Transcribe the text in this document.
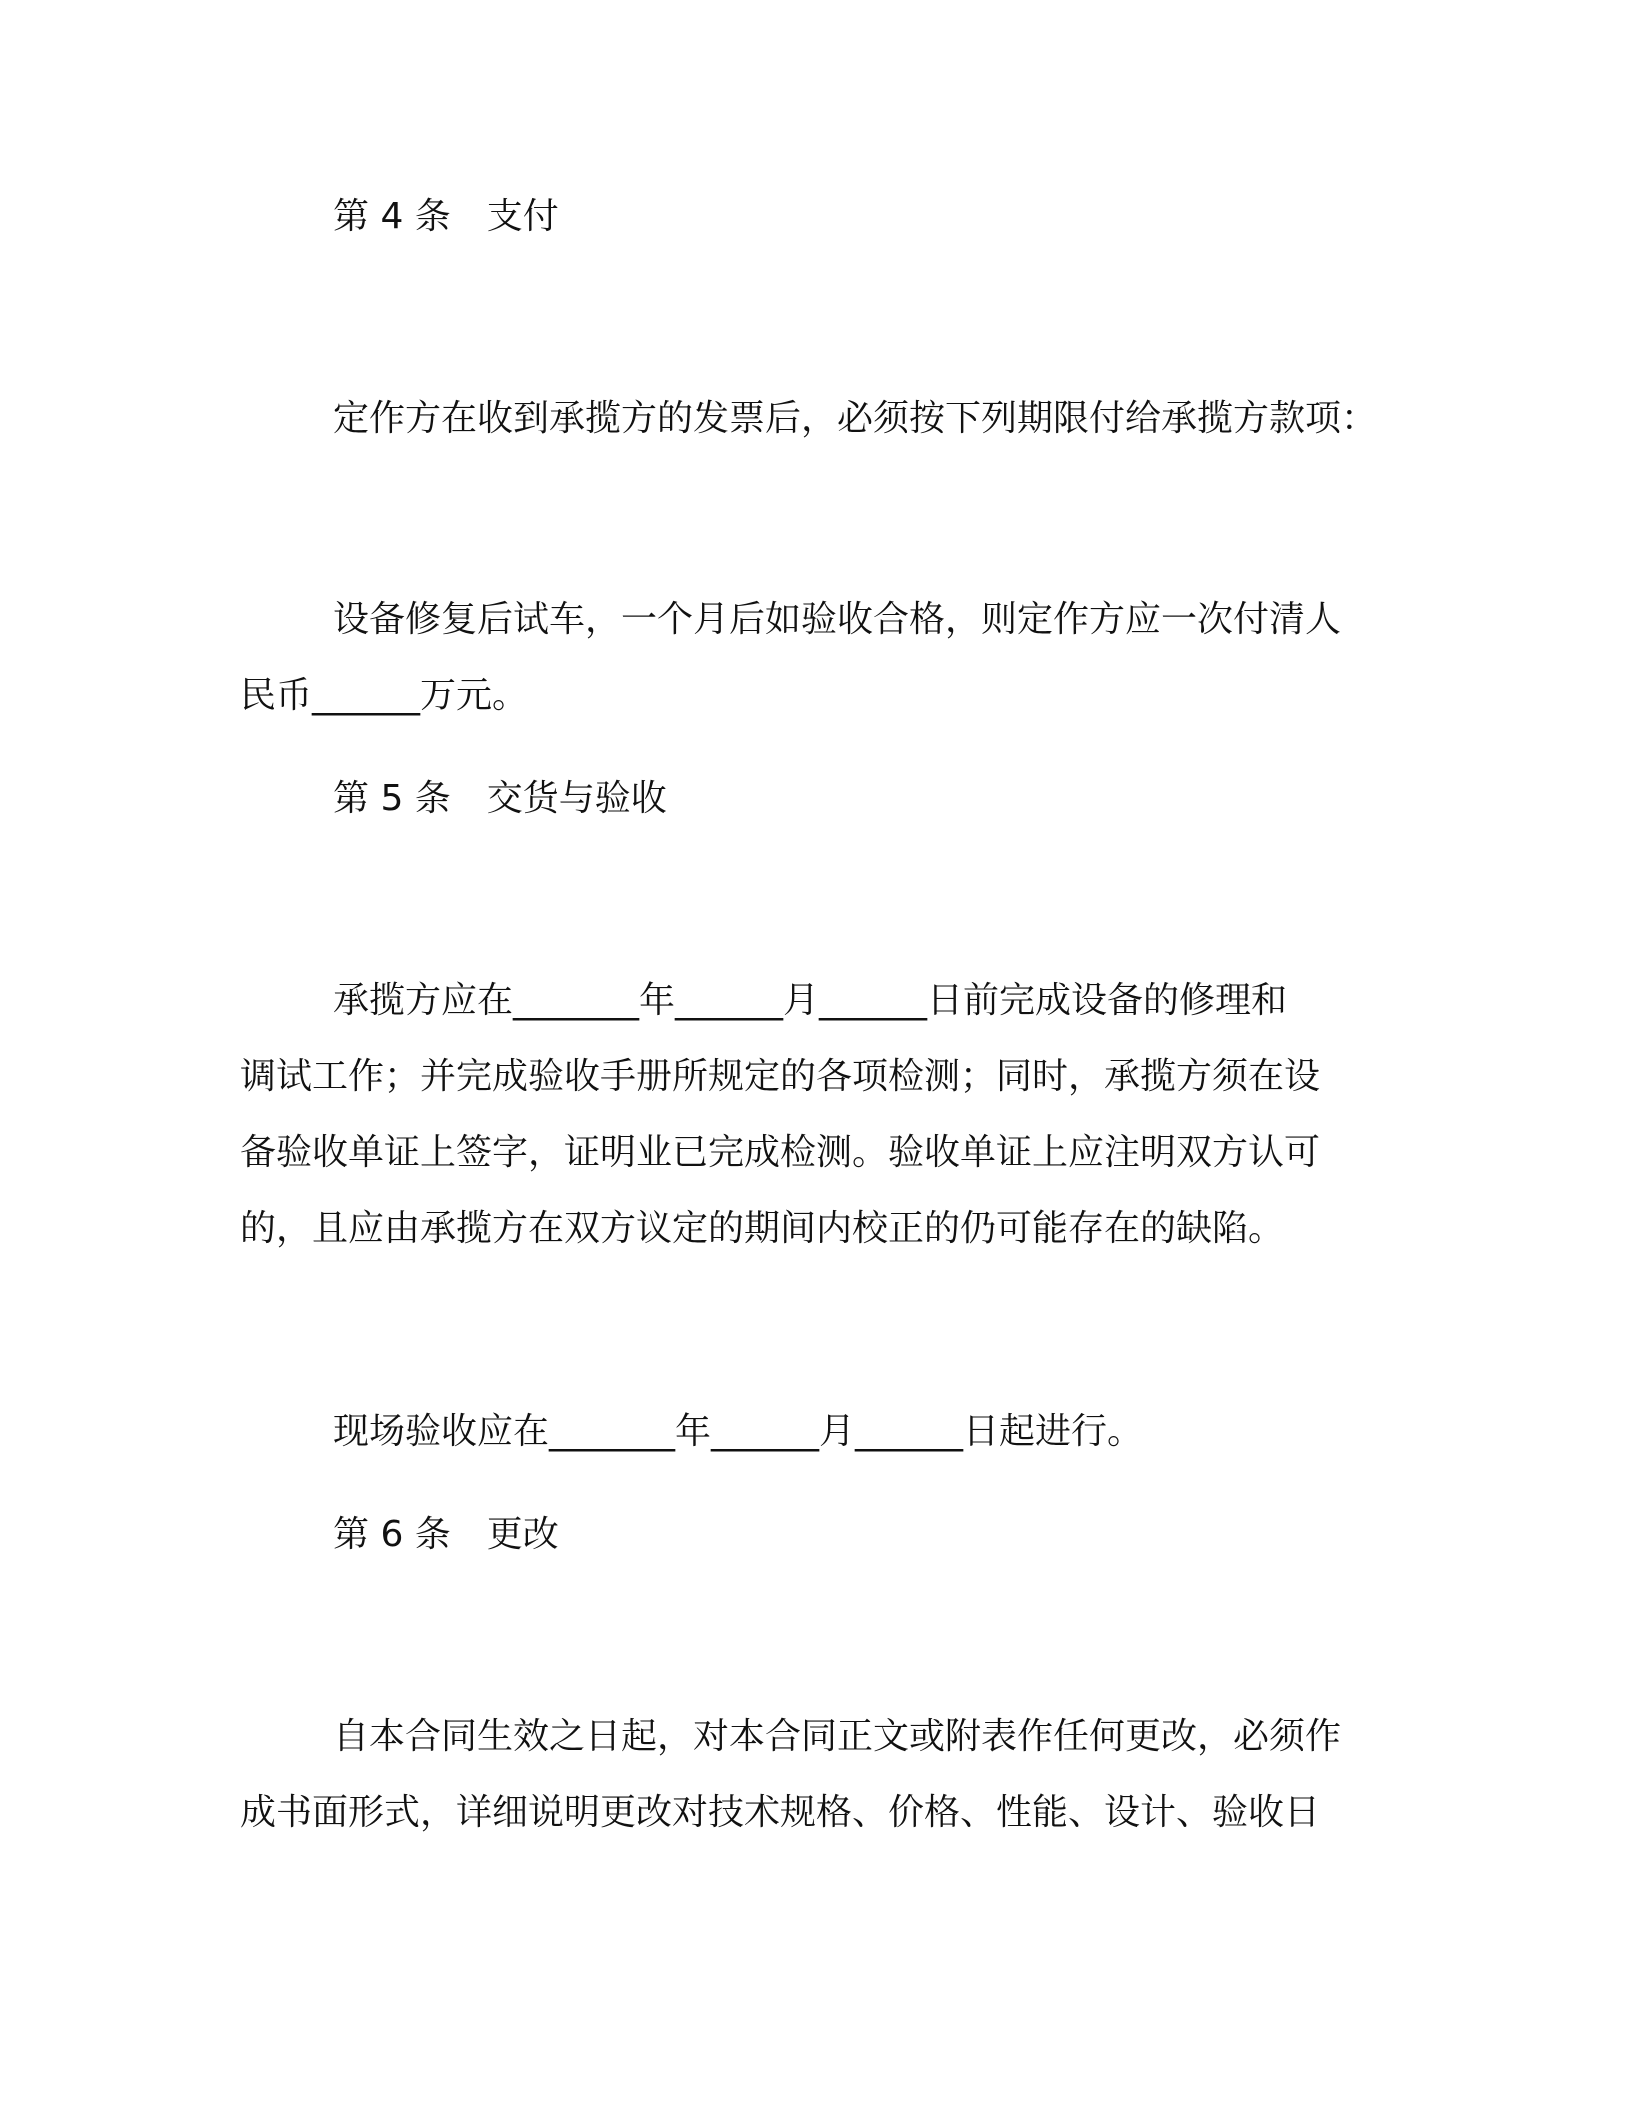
第 4 条　支付
定作方在收到承揽方的发票后，必须按下列期限付给承揽方款项：
设备修复后试车，一个月后如验收合格，则定作方应一次付清人
民币______万元。
第 5 条　交货与验收
承揽方应在_______年______月______日前完成设备的修理和
调试工作；并完成验收手册所规定的各项检测；同时，承揽方须在设
备验收单证上签字，证明业已完成检测。验收单证上应注明双方认可
的，且应由承揽方在双方议定的期间内校正的仍可能存在的缺陷。
现场验收应在_______年______月______日起进行。
第 6 条　更改
自本合同生效之日起，对本合同正文或附表作任何更改，必须作
成书面形式，详细说明更改对技术规格、价格、性能、设计、验收日
